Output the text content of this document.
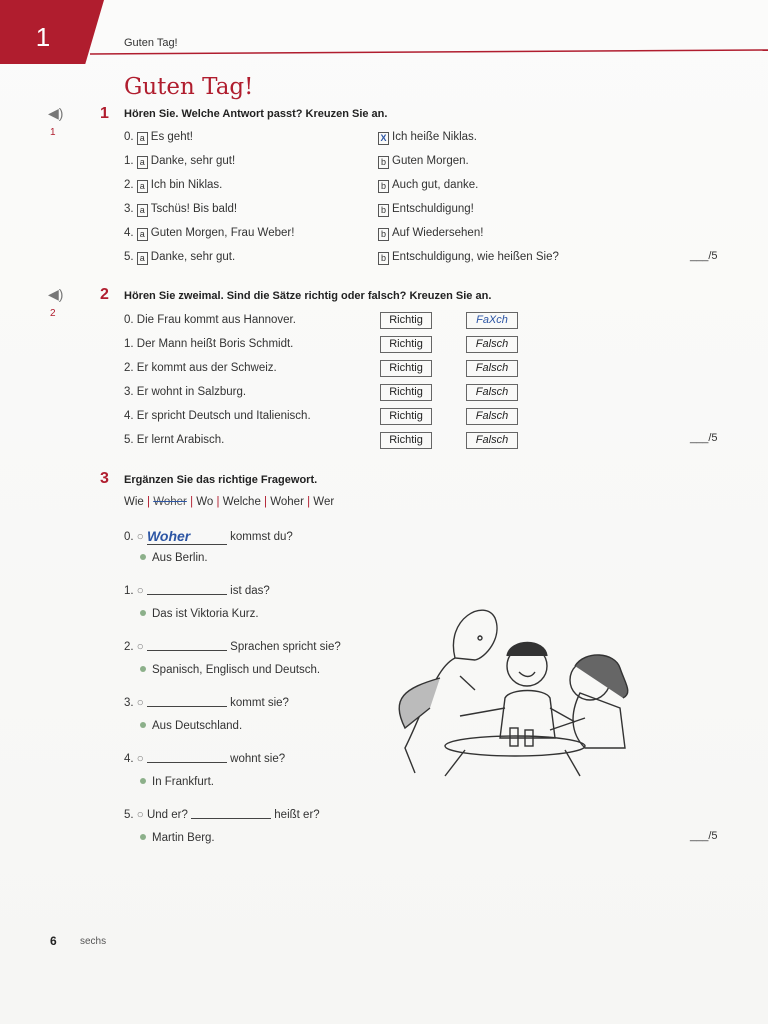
1	Guten Tag!
Guten Tag!
◀)
1
1 Hören Sie. Welche Antwort passt? Kreuzen Sie an.
___/5
◀)
2
2 Hören Sie zweimal. Sind die Sätze richtig oder falsch? Kreuzen Sie an.
___/5
3 Ergänzen Sie das richtige Fragewort.
Wie | Woher | Wo | Welche | Woher | Wer
___/5
6 sechs
0. a Es geht!	X Ich heiße Niklas.
1. a Danke, sehr gut!	b Guten Morgen.
2. a Ich bin Niklas.	b Auch gut, danke.
3. a Tschüs! Bis bald!	b Entschuldigung!
4. a Guten Morgen, Frau Weber!	b Auf Wiedersehen!
5. a Danke, sehr gut.	b Entschuldigung, wie heißen Sie?
0. Die Frau kommt aus Hannover.	Richtig	FaXch
1. Der Mann heißt Boris Schmidt.	Richtig	Falsch
2. Er kommt aus der Schweiz.	Richtig	Falsch
3. Er wohnt in Salzburg.	Richtig	Falsch
4. Er spricht Deutsch und Italienisch.	Richtig	Falsch
5. Er lernt Arabisch.	Richtig	Falsch
0. ○ Woher	kommst du?
Aus Berlin.
1. ○	ist das?
Das ist Viktoria Kurz.
2. ○	Sprachen spricht sie?
Spanisch, Englisch und Deutsch.
3. ○	kommt sie?
Aus Deutschland.
4. ○	wohnt sie?
In Frankfurt.
5. ○ Und er?	heißt er?
Martin Berg.
